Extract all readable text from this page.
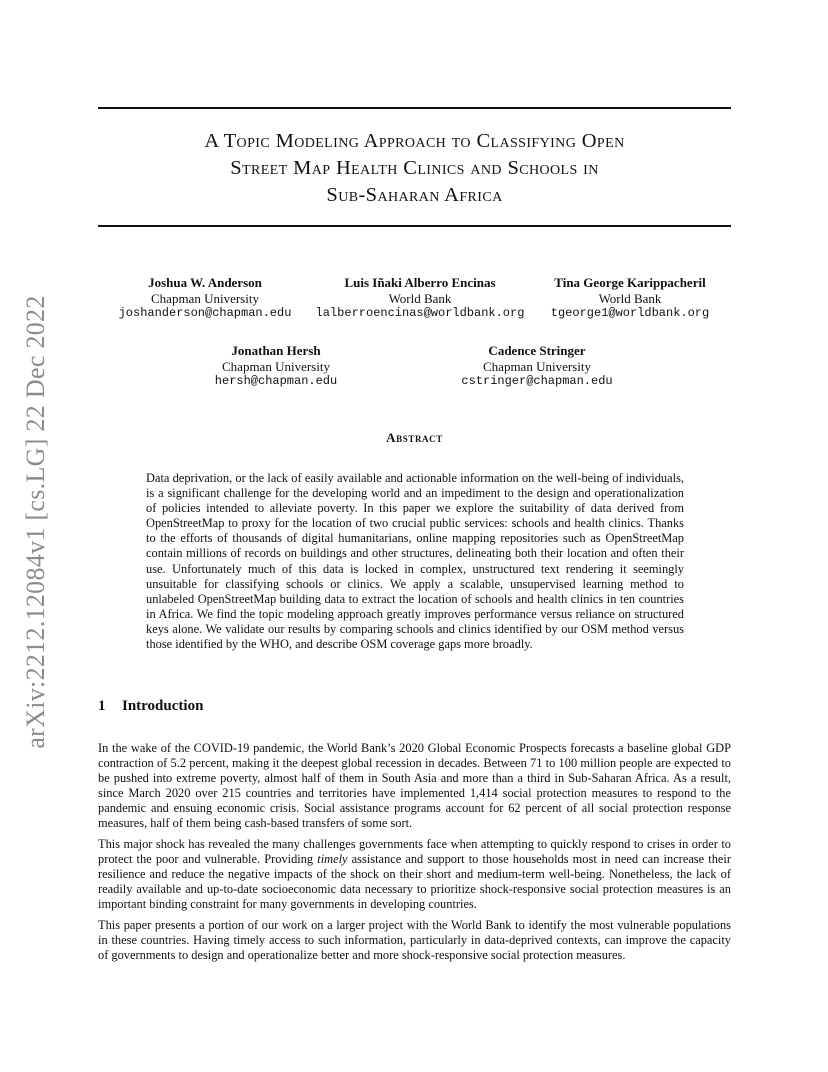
arXiv:2212.12084v1 [cs.LG] 22 Dec 2022
A Topic Modeling Approach to Classifying Open
Street Map Health Clinics and Schools in
Sub-Saharan Africa
Joshua W. Anderson
Chapman University
joshanderson@chapman.edu
Luis Iñaki Alberro Encinas
World Bank
lalberroencinas@worldbank.org
Tina George Karippacheril
World Bank
tgeorge1@worldbank.org
Jonathan Hersh
Chapman University
hersh@chapman.edu
Cadence Stringer
Chapman University
cstringer@chapman.edu
Abstract

Data deprivation, or the lack of easily available and actionable information on the well-being of individuals, is a significant challenge for the developing world and an impediment to the design and operationalization of policies intended to alleviate poverty. In this paper we explore the suitability of data derived from OpenStreetMap to proxy for the location of two crucial public services: schools and health clinics. Thanks to the efforts of thousands of digital humanitarians, online mapping repositories such as OpenStreetMap contain millions of records on buildings and other structures, delineating both their location and often their use. Unfortunately much of this data is locked in complex, unstructured text rendering it seemingly unsuitable for classifying schools or clinics. We apply a scalable, unsupervised learning method to unlabeled OpenStreetMap building data to extract the location of schools and health clinics in ten countries in Africa. We find the topic modeling approach greatly improves performance versus reliance on structured keys alone. We validate our results by comparing schools and clinics identified by our OSM method versus those identified by the WHO, and describe OSM coverage gaps more broadly.

1 Introduction

In the wake of the COVID-19 pandemic, the World Bank’s 2020 Global Economic Prospects forecasts a baseline global GDP contraction of 5.2 percent, making it the deepest global recession in decades. Between 71 to 100 million people are expected to be pushed into extreme poverty, almost half of them in South Asia and more than a third in Sub-Saharan Africa. As a result, since March 2020 over 215 countries and territories have implemented 1,414 social protection measures to respond to the pandemic and ensuing economic crisis. Social assistance programs account for 62 percent of all social protection response measures, half of them being cash-based transfers of some sort.

This major shock has revealed the many challenges governments face when attempting to quickly respond to crises in order to protect the poor and vulnerable. Providing timely assistance and support to those households most in need can increase their resilience and reduce the negative impacts of the shock on their short and medium-term well-being. Nonetheless, the lack of readily available and up-to-date socioeconomic data necessary to prioritize shock-responsive social protection measures is an important binding constraint for many governments in developing countries.

This paper presents a portion of our work on a larger project with the World Bank to identify the most vulnerable populations in these countries. Having timely access to such information, particularly in data-deprived contexts, can improve the capacity of governments to design and operationalize better and more shock-responsive social protection measures.
